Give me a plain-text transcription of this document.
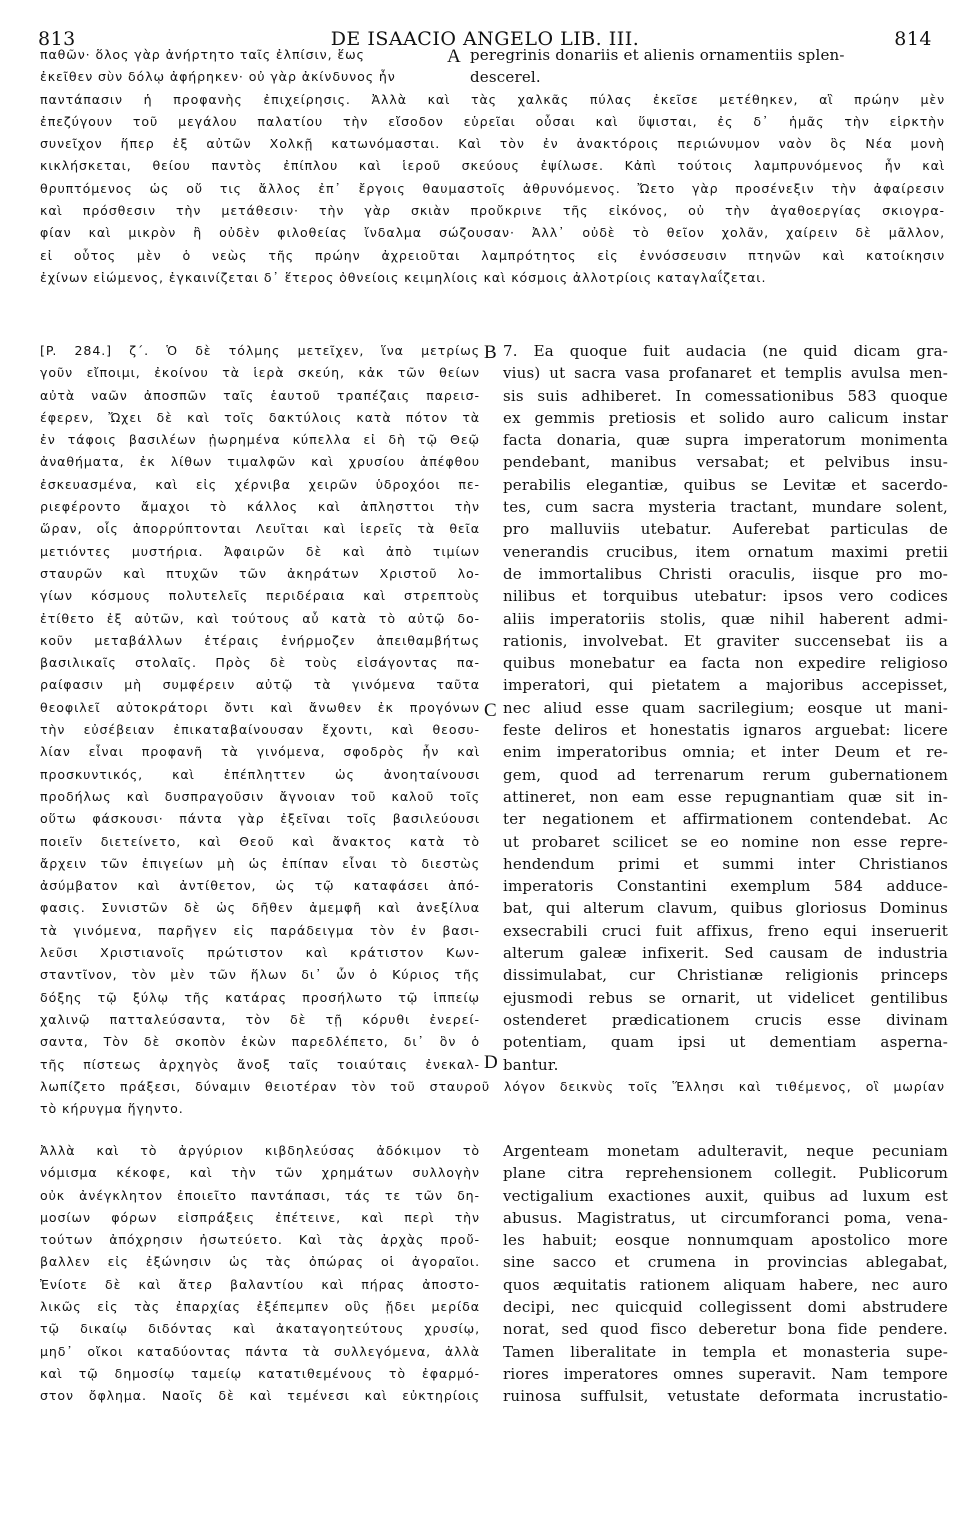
813	DE ISAACIO ANGELO LIB. III.	814
παθῶν· ὅλος γὰρ ἀνήρτητο ταῖς ἐλπίσιν, ἕως
ἐκεῖθεν σὺν δόλῳ ἀφήρηκεν· οὐ γὰρ ἀκίνδυνος ἦν
A peregrinis donariis et alienis ornamentiis splen-
descerel.
παντάπασιν ἡ προφανὴς ἐπιχείρησις. Ἀλλὰ καὶ τὰς χαλκᾶς πύλας ἐκεῖσε μετέθηκεν, αἳ πρώην μὲν
ἐπεζύγουν τοῦ μεγάλου παλατίου τὴν εἴσοδον εὑρεῖαι οὖσαι καὶ ὕψισται, ἐς δ᾿ ἡμᾶς τὴν εἱρκτὴν
συνεῖχον ἥπερ ἐξ αὐτῶν Χολκῇ κατωνόμασται. Καὶ τὸν ἐν ἀνακτόροις περιώνυμον ναὸν ὃς Νέα μονὴ
κικλήσκεται, θείου παντὸς ἐπίπλου καὶ ἱεροῦ σκεύους ἐψίλωσε. Κἀπὶ τούτοις λαμπρυνόμενος ἦν καὶ
θρυπτόμενος ὡς οὔ τις ἄλλος ἐπ᾿ ἔργοις θαυμαστοῖς ἀθρυνόμενος. Ὤετο γὰρ προσένεξιν τὴν ἀφαίρεσιν
καὶ πρόσθεσιν τὴν μετάθεσιν· τὴν γὰρ σκιὰν προὔκρινε τῆς εἰκόνος, οὐ τὴν ἀγαθοεργίας σκιογρα-
φίαν καὶ μικρὸν ἢ οὐδὲν φιλοθείας ἴνδαλμα σώζουσαν· Ἀλλ᾿ οὐδὲ τὸ θεῖον χολᾶν, χαίρειν δὲ μᾶλλον,
εἰ οὗτος μὲν ὁ νεὼς τῆς πρώην ἀχρειοῦται λαμπρότητος εἰς ἐννόσσευσιν πτηνῶν καὶ κατοίκησιν
ἐχίνων εἰώμενος, ἐγκαινίζεται δ᾿ ἕτερος ὀθνείοις κειμηλίοις καὶ κόσμοις ἀλλοτρίοις καταγλαΐζεται.
[P. 284.] ζ´. Ὁ δὲ τόλμης μετεῖχεν, ἵνα μετρίως
γοῦν εἴποιμι, ἐκοίνου τὰ ἱερὰ σκεύη, κἀκ τῶν θείων
αὐτὰ ναῶν ἀποσπῶν ταῖς ἑαυτοῦ τραπέζαις παρεισ-
έφερεν, Ὤχει δὲ καὶ τοῖς δακτύλοις κατὰ πότον τὰ
ἐν τάφοις βασιλέων ᾐωρημένα κύπελλα εἰ δὴ τῷ Θεῷ
ἀναθήματα, ἐκ λίθων τιμαλφῶν καὶ χρυσίου ἀπέφθου
ἐσκευασμένα, καὶ εἰς χέρνιβα χειρῶν ὑδροχόοι πε-
ριεφέροντο ἄμαχοι τὸ κάλλος καὶ ἀπλησττοι τὴν
ὥραν, οἷς ἀπορρύπτονται Λευῖται καὶ ἱερεῖς τὰ θεῖα
μετιόντες μυστήρια. Ἀφαιρῶν δὲ καὶ ἀπὸ τιμίων
σταυρῶν καὶ πτυχῶν τῶν ἀκηράτων Χριστοῦ λο-
γίων κόσμους πολυτελεῖς περιδέραια καὶ στρεπτοὺς
ἐτίθετο ἐξ αὐτῶν, καὶ τούτους αὖ κατὰ τὸ αὐτῷ δο-
κοῦν μεταβάλλων ἑτέραις ἐνήρμοζεν ἀπειθαμβήτως
βασιλικαῖς στολαῖς. Πρὸς δὲ τοὺς εἰσάγοντας πα-
ραίφασιν μὴ συμφέρειν αὐτῷ τὰ γινόμενα ταῦτα
θεοφιλεῖ αὐτοκράτορι ὄντι καὶ ἄνωθεν ἐκ προγόνων
τὴν εὐσέβειαν ἐπικαταβαίνουσαν ἔχοντι, καὶ θεοσυ-
λίαν εἶναι προφανῆ τὰ γινόμενα, σφοδρὸς ἦν καὶ
προσκυντικός, καὶ ἐπέπληττεν ὡς ἀνοηταίνουσι
προδήλως καὶ δυσπραγοῦσιν ἄγνοιαν τοῦ καλοῦ τοῖς
οὕτω φάσκουσι· πάντα γὰρ ἐξεῖναι τοῖς βασιλεύουσι
ποιεῖν διετείνετο, καὶ Θεοῦ καὶ ἄνακτος κατὰ τὸ
ἄρχειν τῶν ἐπιγείων μὴ ὡς ἐπίπαν εἶναι τὸ διεστὼς
ἀσύμβατον καὶ ἀντίθετον, ὡς τῷ καταφάσει ἀπό-
φασις. Συνιστῶν δὲ ὡς δῆθεν ἀμεμφῆ καὶ ἀνεξίλυα
τὰ γινόμενα, παρῆγεν εἰς παράδειγμα τὸν ἐν βασι-
λεῦσι Χριστιανοῖς πρώτιστον καὶ κράτιστον Κων-
σταντῖνον, τὸν μὲν τῶν ἥλων δι᾿ ὧν ὁ Κύριος τῆς
δόξης τῷ ξύλῳ τῆς κατάρας προσήλωτο τῷ ἱππείῳ
χαλινῷ πατταλεύσαντα, τὸν δὲ τῇ κόρυθι ἐνερεί-
σαντα, Τὸν δὲ σκοπὸν ἑκὼν παρεδλέπετο, δι᾿ ὃν ὁ
τῆς πίστεως ἀρχηγὸς ἄνοξ ταῖς τοιαύταις ἐνεκαλ-
B
C
D
7. Ea quoque fuit audacia (ne quid dicam gra-
vius) ut sacra vasa profanaret et templis avulsa men-
sis suis adhiberet. In comessationibus 583 quoque
ex gemmis pretiosis et solido auro calicum instar
facta donaria, quæ supra imperatorum monimenta
pendebant, manibus versabat; et pelvibus insu-
perabilis elegantiæ, quibus se Levitæ et sacerdo-
tes, cum sacra mysteria tractant, mundare solent,
pro malluviis utebatur. Auferebat particulas de
venerandis crucibus, item ornatum maximi pretii
de immortalibus Christi oraculis, iisque pro mo-
nilibus et torquibus utebatur: ipsos vero codices
aliis imperatoriis stolis, quæ nihil haberent admi-
rationis, involvebat. Et graviter succensebat iis a
quibus monebatur ea facta non expedire religioso
imperatori, qui pietatem a majoribus accepisset,
nec aliud esse quam sacrilegium; eosque ut mani-
feste deliros et honestatis ignaros arguebat: licere
enim imperatoribus omnia; et inter Deum et re-
gem, quod ad terrenarum rerum gubernationem
attineret, non eam esse repugnantiam quæ sit in-
ter negationem et affirmationem contendebat. Ac
ut probaret scilicet se eo nomine non esse repre-
hendendum primi et summi inter Christianos
imperatoris Constantini exemplum 584 adduce-
bat, qui alterum clavum, quibus gloriosus Dominus
exsecrabili cruci fuit affixus, freno equi inseruerit
alterum galeæ infixerit. Sed causam de industria
dissimulabat, cur Christianæ religionis princeps
ejusmodi rebus se ornarit, ut videlicet gentilibus
ostenderet prædicationem crucis esse divinam
potentiam, quam ipsi ut dementiam asperna-
bantur.
λωπίζετο πράξεσι, δύναμιν θειοτέραν τὸν τοῦ σταυροῦ λόγον δεικνὺς τοῖς Ἕλλησι καὶ τιθέμενος, οἳ μωρίαν
τὸ κήρυγμα ἥγηντο.
Ἀλλὰ καὶ τὸ ἀργύριον κιβδηλεύσας ἀδόκιμον τὸ
νόμισμα κέκοφε, καὶ τὴν τῶν χρημάτων συλλογὴν
οὐκ ἀνέγκλητον ἐποιεῖτο παντάπασι, τάς τε τῶν δη-
μοσίων φόρων εἰσπράξεις ἐπέτεινε, καὶ περὶ τὴν
τούτων ἀπόχρησιν ἠσωτεύετο. Καὶ τὰς ἀρχὰς προὔ-
βαλλεν εἰς ἐξώνησιν ὡς τὰς ὀπώρας οἱ ἀγοραῖοι.
Ἐνίοτε δὲ καὶ ἄτερ βαλαντίου καὶ πήρας ἀποστο-
λικῶς εἰς τὰς ἐπαρχίας ἐξέπεμπεν οὓς ᾔδει μερίδα
τῷ δικαίῳ διδόντας καὶ ἀκαταγοητεύτους χρυσίῳ,
μηδ᾿ οἴκοι καταδύοντας πάντα τὰ συλλεγόμενα, ἀλλὰ
καὶ τῷ δημοσίῳ ταμείῳ κατατιθεμένους τὸ ἐφαρμό-
στον ὄφλημα. Ναοῖς δὲ καὶ τεμένεσι καὶ εὐκτηρίοις
Argenteam monetam adulteravit, neque pecuniam
plane citra reprehensionem collegit. Publicorum
vectigalium exactiones auxit, quibus ad luxum est
abusus. Magistratus, ut circumforanci poma, vena-
les habuit; eosque nonnumquam apostolico more
sine sacco et crumena in provincias ablegabat,
quos æquitatis rationem aliquam habere, nec auro
decipi, nec quicquid collegissent domi abstrudere
norat, sed quod fisco deberetur bona fide pendere.
Tamen liberalitate in templa et monasteria supe-
riores imperatores omnes superavit. Nam tempore
ruinosa suffulsit, vetustate deformata incrustatio-
